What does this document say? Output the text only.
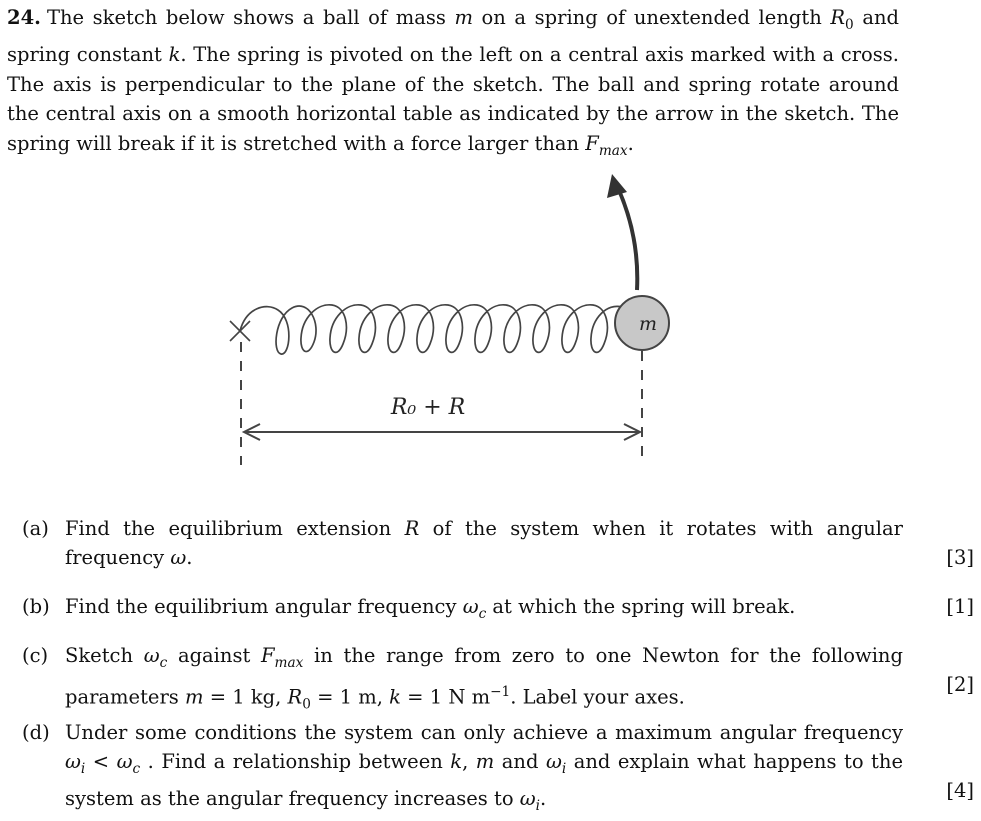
24. The sketch below shows a ball of mass m on a spring of unextended length $R_0$ and spring constant k. The spring is pivoted on the left on a central axis marked with a cross. The axis is perpendicular to the plane of the sketch. The ball and spring rotate around the central axis on a smooth horizontal table as indicated by the arrow in the sketch. The spring will break if it is stretched with a force larger than $F_{max}$.

m
R₀ + R
(a) Find the equilibrium extension R of the system when it rotates with angular frequency ω.	[3]
(b) Find the equilibrium angular frequency $\omega_c$ at which the spring will break.	[1]
(c) Sketch $\omega_c$ against $F_{max}$ in the range from zero to one Newton for the following parameters m = 1 kg, $R_0 = 1$ m, k = 1 N $m^{-1}$. Label your axes.
[2]
(d) Under some conditions the system can only achieve a maximum angular frequency $\omega_i < \omega_c$ . Find a relationship between k, m and $\omega_i$ and explain what happens to the system as the angular frequency increases to $\omega_i$.	[4]
